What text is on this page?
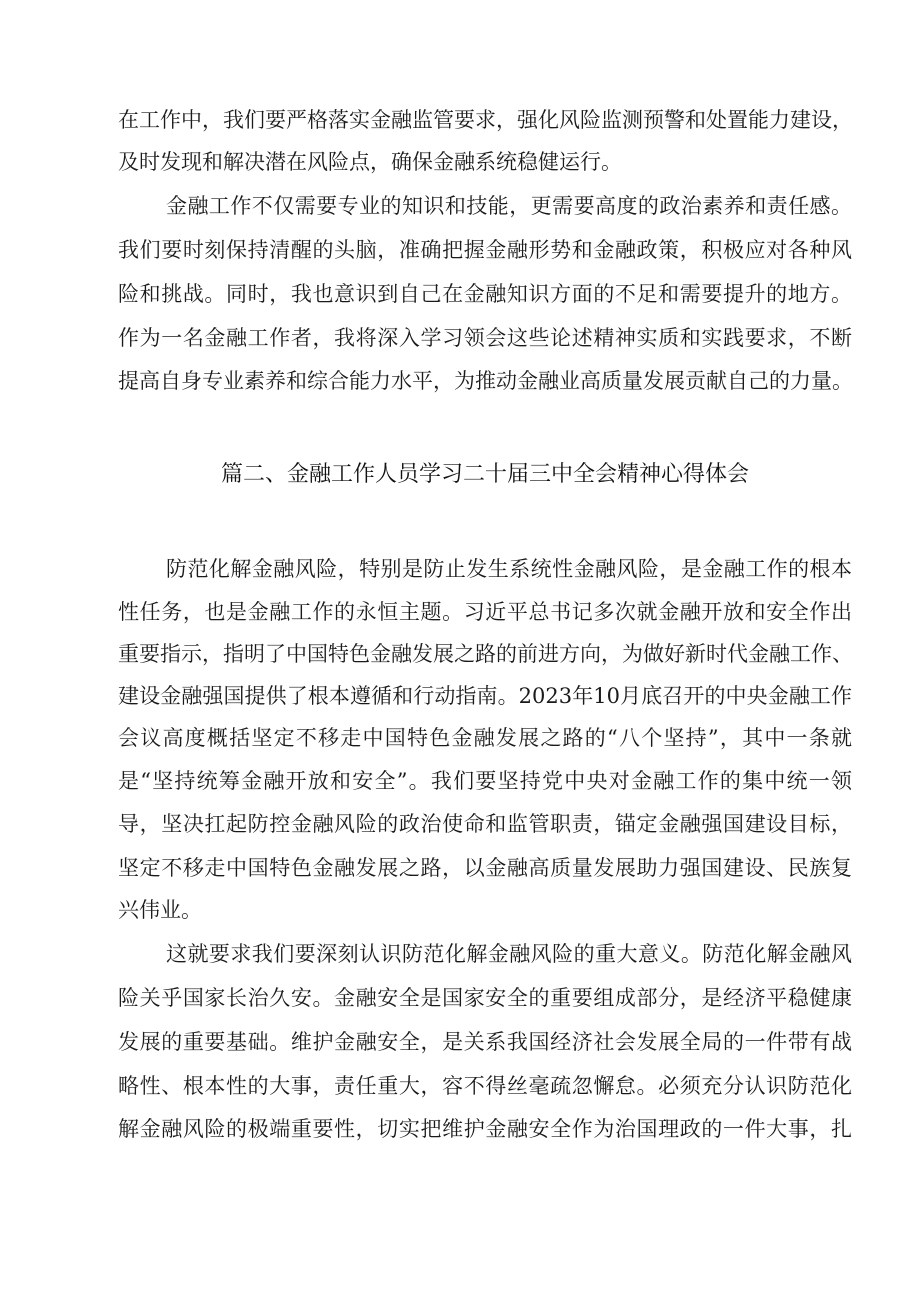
在工作中，我们要严格落实金融监管要求，强化风险监测预警和处置能力建设，
及时发现和解决潜在风险点，确保金融系统稳健运行。
金融工作不仅需要专业的知识和技能，更需要高度的政治素养和责任感。
我们要时刻保持清醒的头脑，准确把握金融形势和金融政策，积极应对各种风
险和挑战。同时，我也意识到自己在金融知识方面的不足和需要提升的地方。
作为一名金融工作者，我将深入学习领会这些论述精神实质和实践要求，不断
提高自身专业素养和综合能力水平，为推动金融业高质量发展贡献自己的力量。
篇二、金融工作人员学习二十届三中全会精神心得体会
防范化解金融风险，特别是防止发生系统性金融风险，是金融工作的根本
性任务，也是金融工作的永恒主题。习近平总书记多次就金融开放和安全作出
重要指示，指明了中国特色金融发展之路的前进方向，为做好新时代金融工作、
建设金融强国提供了根本遵循和行动指南。2023年10月底召开的中央金融工作
会议高度概括坚定不移走中国特色金融发展之路的“八个坚持”，其中一条就
是“坚持统筹金融开放和安全”。我们要坚持党中央对金融工作的集中统一领
导，坚决扛起防控金融风险的政治使命和监管职责，锚定金融强国建设目标，
坚定不移走中国特色金融发展之路，以金融高质量发展助力强国建设、民族复
兴伟业。
这就要求我们要深刻认识防范化解金融风险的重大意义。防范化解金融风
险关乎国家长治久安。金融安全是国家安全的重要组成部分，是经济平稳健康
发展的重要基础。维护金融安全，是关系我国经济社会发展全局的一件带有战
略性、根本性的大事，责任重大，容不得丝毫疏忽懈怠。必须充分认识防范化
解金融风险的极端重要性，切实把维护金融安全作为治国理政的一件大事，扎
